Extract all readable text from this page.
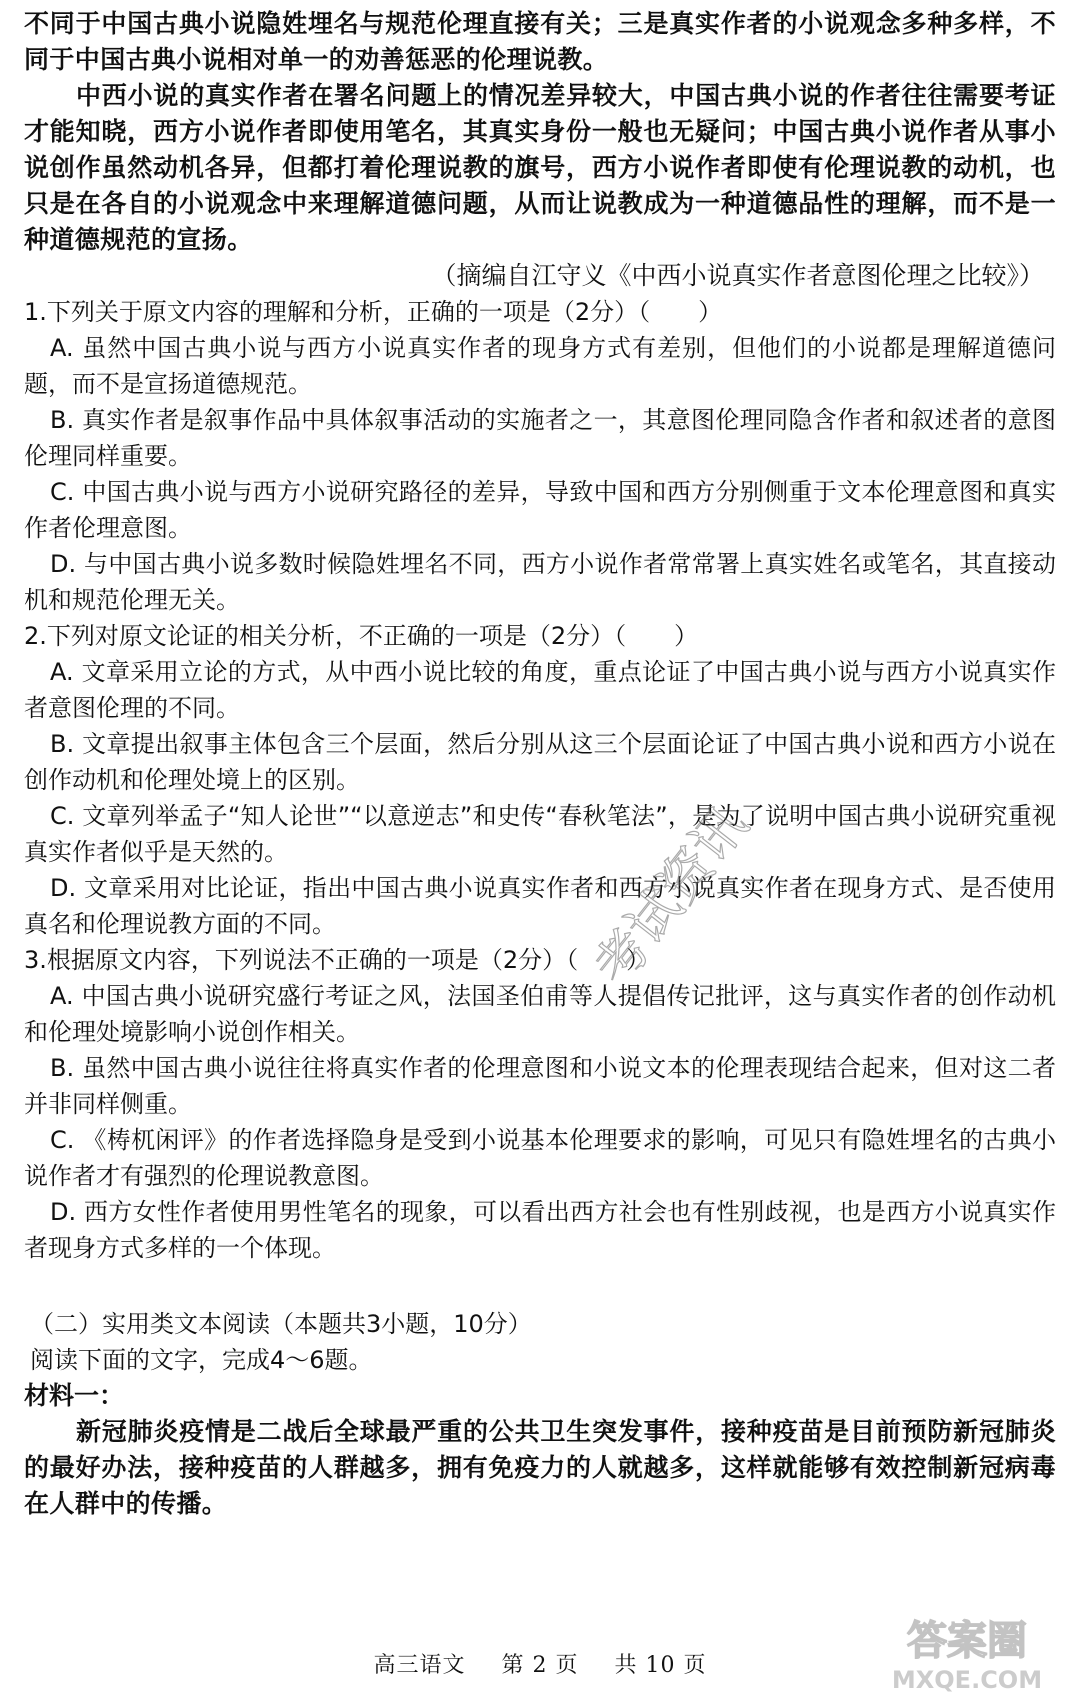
不同于中国古典小说隐姓埋名与规范伦理直接有关；三是真实作者的小说观念多种多样，不同于中国古典小说相对单一的劝善惩恶的伦理说教。

中西小说的真实作者在署名问题上的情况差异较大，中国古典小说的作者往往需要考证才能知晓，西方小说作者即使用笔名，其真实身份一般也无疑问；中国古典小说作者从事小说创作虽然动机各异，但都打着伦理说教的旗号，西方小说作者即使有伦理说教的动机，也只是在各自的小说观念中来理解道德问题，从而让说教成为一种道德品性的理解，而不是一种道德规范的宣扬。

（摘编自江守义《中西小说真实作者意图伦理之比较》）

1.下列关于原文内容的理解和分析，正确的一项是（2分）（　　）

A. 虽然中国古典小说与西方小说真实作者的现身方式有差别，但他们的小说都是理解道德问题，而不是宣扬道德规范。

B. 真实作者是叙事作品中具体叙事活动的实施者之一，其意图伦理同隐含作者和叙述者的意图伦理同样重要。

C. 中国古典小说与西方小说研究路径的差异，导致中国和西方分别侧重于文本伦理意图和真实作者伦理意图。

D. 与中国古典小说多数时候隐姓埋名不同，西方小说作者常常署上真实姓名或笔名，其直接动机和规范伦理无关。

2.下列对原文论证的相关分析，不正确的一项是（2分）（　　）

A. 文章采用立论的方式，从中西小说比较的角度，重点论证了中国古典小说与西方小说真实作者意图伦理的不同。

B. 文章提出叙事主体包含三个层面，然后分别从这三个层面论证了中国古典小说和西方小说在创作动机和伦理处境上的区别。

C. 文章列举孟子“知人论世”“以意逆志”和史传“春秋笔法”，是为了说明中国古典小说研究重视真实作者似乎是天然的。

D. 文章采用对比论证，指出中国古典小说真实作者和西方小说真实作者在现身方式、是否使用真名和伦理说教方面的不同。

3.根据原文内容，下列说法不正确的一项是（2分）（　　）

A. 中国古典小说研究盛行考证之风，法国圣伯甫等人提倡传记批评，这与真实作者的创作动机和伦理处境影响小说创作相关。

B. 虽然中国古典小说往往将真实作者的伦理意图和小说文本的伦理表现结合起来，但对这二者并非同样侧重。

C. 《梼杌闲评》的作者选择隐身是受到小说基本伦理要求的影响，可见只有隐姓埋名的古典小说作者才有强烈的伦理说教意图。

D. 西方女性作者使用男性笔名的现象，可以看出西方社会也有性别歧视，也是西方小说真实作者现身方式多样的一个体现。

（二）实用类文本阅读（本题共3小题，10分）

阅读下面的文字，完成4～6题。

材料一：

新冠肺炎疫情是二战后全球最严重的公共卫生突发事件，接种疫苗是目前预防新冠肺炎的最好办法，接种疫苗的人群越多，拥有免疫力的人就越多，这样就能够有效控制新冠病毒在人群中的传播。

考试资讯
答案圈
MXQE.COM
高三语文 第 2 页 共 10 页
